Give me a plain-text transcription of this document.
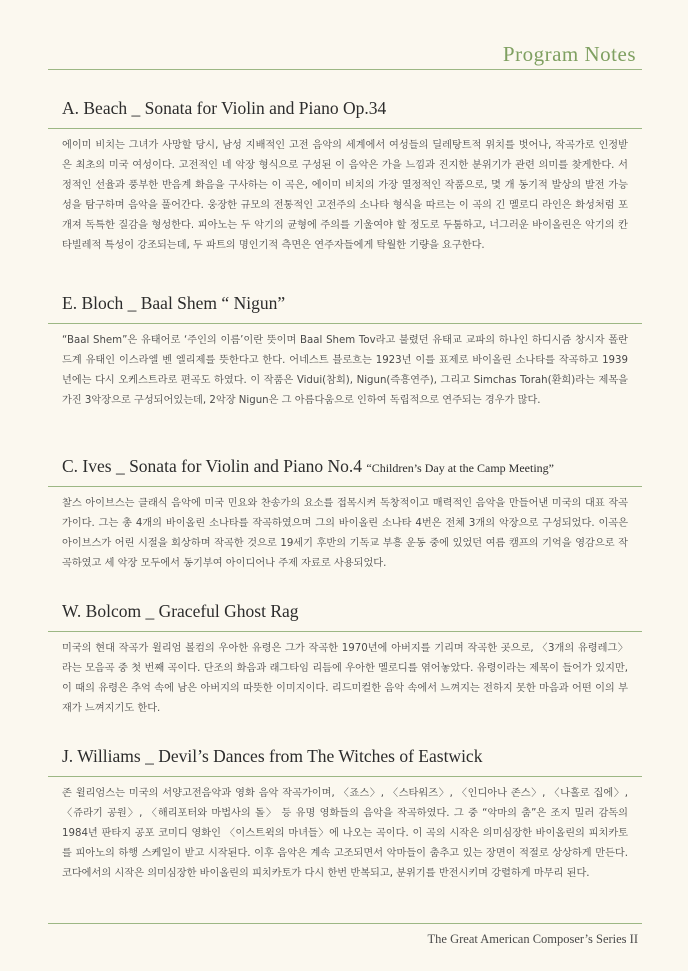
Program Notes
A. Beach _ Sonata for Violin and Piano Op.34
에이미 비치는 그녀가 사망할 당시, 남성 지배적인 고전 음악의 세계에서 여성들의 딜레탕트적 위치를 벗어나, 작곡가로 인정받은 최초의 미국 여성이다. 고전적인 네 악장 형식으로 구성된 이 음악은 가을 느낌과 진지한 분위기가 관련 의미를 찾게한다. 서정적인 선율과 풍부한 반음계 화음을 구사하는 이 곡은, 에이미 비치의 가장 열정적인 작품으로, 몇 개 동기적 발상의 발전 가능성을 탐구하며 음악을 풀어간다. 웅장한 규모의 전통적인 고전주의 소나타 형식을 따르는 이 곡의 긴 멜로디 라인은 화성처럼 포개져 독특한 질감을 형성한다. 피아노는 두 악기의 균형에 주의를 기울여야 할 정도로 두툼하고, 너그러운 바이올린은 악기의 칸타빌레적 특성이 강조되는데, 두 파트의 명인기적 측면은 연주자들에게 탁월한 기량을 요구한다.
E. Bloch _ Baal Shem “ Nigun”
“Baal Shem”은 유태어로 ‘주인의 이름’이란 뜻이며 Baal Shem Tov라고 불렸던 유태교 교파의 하나인 하디시즘 창시자 폴란드계 유태인 이스라엘 벤 엘리제를 뜻한다고 한다. 어네스트 블로흐는 1923년 이를 표제로 바이올린 소나타를 작곡하고 1939년에는 다시 오케스트라로 편곡도 하였다. 이 작품은 Vidui(참회), Nigun(즉흥연주), 그리고 Simchas Torah(환희)라는 제목을 가진 3악장으로 구성되어있는데, 2악장 Nigun은 그 아름다움으로 인하여 독립적으로 연주되는 경우가 많다.
C. Ives _ Sonata for Violin and Piano No.4 “Children’s Day at the Camp Meeting”
찰스 아이브스는 클래식 음악에 미국 민요와 찬송가의 요소를 접목시켜 독창적이고 매력적인 음악을 만들어낸 미국의 대표 작곡가이다. 그는 총 4개의 바이올린 소나타를 작곡하였으며 그의 바이올린 소나타 4번은 전체 3개의 악장으로 구성되었다. 이곡은 아이브스가 어린 시절을 회상하며 작곡한 것으로 19세기 후반의 기독교 부흥 운동 중에 있었던 여름 캠프의 기억을 영감으로 작곡하였고 세 악장 모두에서 동기부여 아이디어나 주제 자료로 사용되었다.
W. Bolcom _ Graceful Ghost Rag
미국의 현대 작곡가 윌리엄 볼컴의 우아한 유령은 그가 작곡한 1970년에 아버지를 기리며 작곡한 곳으로, 〈3개의 유령레그〉라는 모음곡 중 첫 번째 곡이다. 단조의 화음과 래그타임 리듬에 우아한 멜로디를 엮어놓았다. 유령이라는 제목이 들어가 있지만, 이 때의 유령은 추억 속에 남은 아버지의 따뜻한 이미지이다. 리드미컬한 음악 속에서 느껴지는 전하지 못한 마음과 어떤 이의 부재가 느껴지기도 한다.
J. Williams _ Devil’s Dances from The Witches of Eastwick
존 윌리엄스는 미국의 서양고전음악과 영화 음악 작곡가이며, 〈죠스〉, 〈스타워즈〉, 〈인디아나 존스〉, 〈나홀로 집에〉, 〈쥬라기 공원〉, 〈해리포터와 마법사의 돌〉 등 유명 영화들의 음악을 작곡하였다. 그 중 “악마의 춤”은 조지 밀러 감독의 1984년 판타지 공포 코미디 영화인 〈이스트윅의 마녀들〉에 나오는 곡이다. 이 곡의 시작은 의미심장한 바이올린의 피치카토를 피아노의 하행 스케일이 받고 시작된다. 이후 음악은 계속 고조되면서 악마들이 춤추고 있는 장면이 적절로 상상하게 만든다. 코다에서의 시작은 의미심장한 바이올린의 피치카토가 다시 한번 반복되고, 분위기를 반전시키며 강렬하게 마무리 된다.
The Great American Composer’s Series II
